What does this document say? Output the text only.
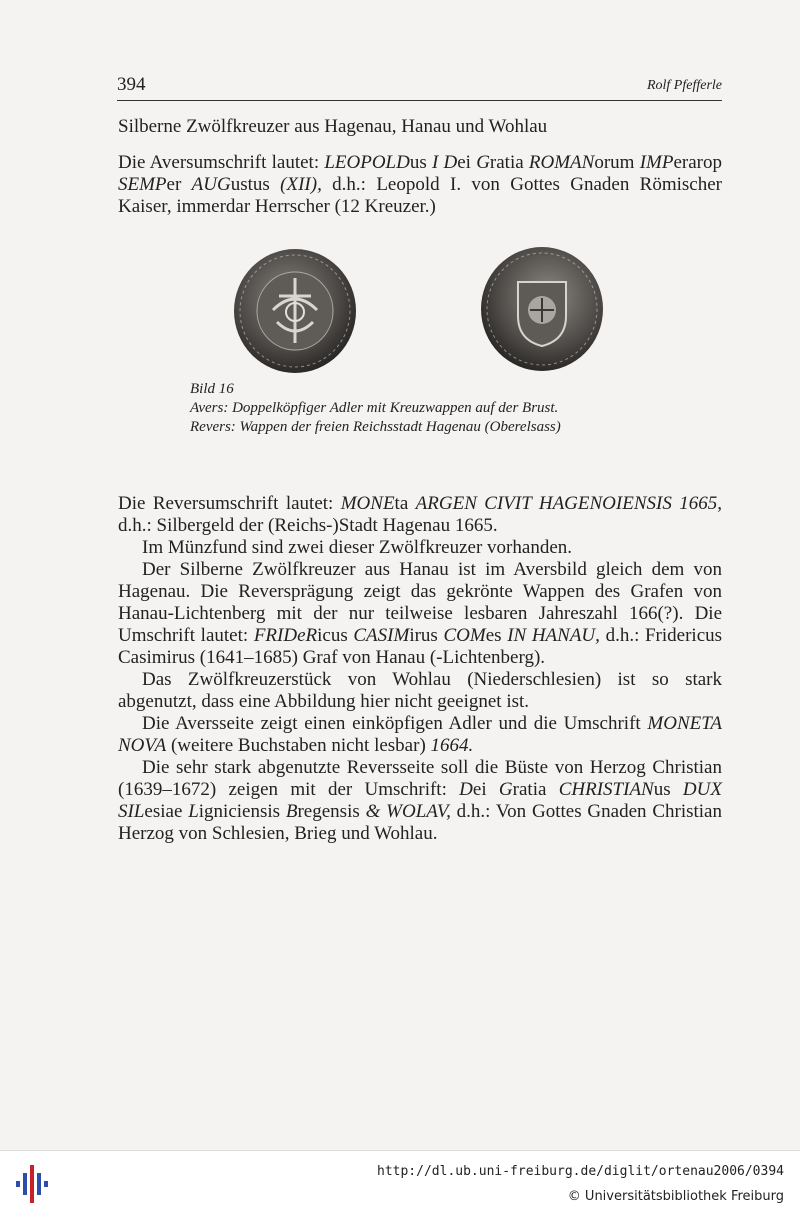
394	Rolf Pfefferle
Silberne Zwölfkreuzer aus Hagenau, Hanau und Wohlau

Die Aversumschrift lautet: LEOPOLDus I Dei Gratia ROMANorum IMPerarор SEMPer AUGustus (XII), d.h.: Leopold I. von Gottes Gnaden Römischer Kaiser, immerdar Herrscher (12 Kreuzer.)

Bild 16
Avers: Doppelköpfiger Adler mit Kreuzwappen auf der Brust.
Revers: Wappen der freien Reichsstadt Hagenau (Oberelsass)

Die Reversumschrift lautet: MONEta ARGEN CIVIT HAGENOIENSIS 1665, d.h.: Silbergeld der (Reichs-)Stadt Hagenau 1665.

Im Münzfund sind zwei dieser Zwölfkreuzer vorhanden.

Der Silberne Zwölfkreuzer aus Hanau ist im Aversbild gleich dem von Hagenau. Die Reversprägung zeigt das gekrönte Wappen des Grafen von Hanau-Lichtenberg mit der nur teilweise lesbaren Jahreszahl 166(?). Die Umschrift lautet: FRIDeRicus CASIMirus COMes IN HANAU, d.h.: Fridericus Casimirus (1641–1685) Graf von Hanau (-Lichtenberg).

Das Zwölfkreuzerstück von Wohlau (Niederschlesien) ist so stark abgenutzt, dass eine Abbildung hier nicht geeignet ist.

Die Aversseite zeigt einen einköpfigen Adler und die Umschrift MONETA NOVA (weitere Buchstaben nicht lesbar) 1664.

Die sehr stark abgenutzte Reversseite soll die Büste von Herzog Christian (1639–1672) zeigen mit der Umschrift: Dei Gratia CHRISTIANus DUX SILesiae Ligniciensis Bregensis & WOLAV, d.h.: Von Gottes Gnaden Christian Herzog von Schlesien, Brieg und Wohlau.

http://dl.ub.uni-freiburg.de/diglit/ortenau2006/0394
© Universitätsbibliothek Freiburg
